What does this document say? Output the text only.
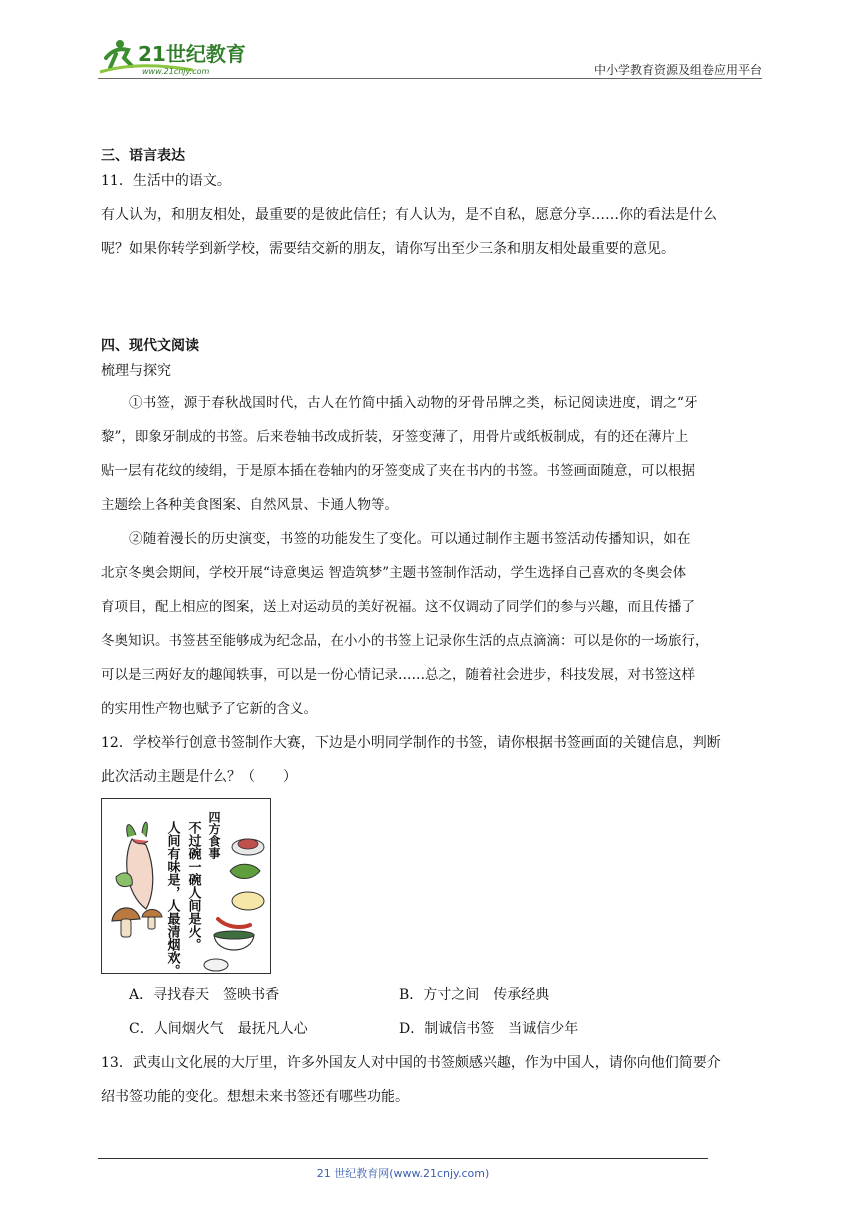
21世纪教育
www.21cnjy.com	中小学教育资源及组卷应用平台
三、语言表达

11．生活中的语文。

有人认为，和朋友相处，最重要的是彼此信任；有人认为，是不自私，愿意分享……你的看法是什么

呢？如果你转学到新学校，需要结交新的朋友，请你写出至少三条和朋友相处最重要的意见。

四、现代文阅读

梳理与探究

①书签，源于春秋战国时代，古人在竹简中插入动物的牙骨吊牌之类，标记阅读进度，谓之“牙

黎”，即象牙制成的书签。后来卷轴书改成折装，牙签变薄了，用骨片或纸板制成，有的还在薄片上

贴一层有花纹的绫绢，于是原本插在卷轴内的牙签变成了夹在书内的书签。书签画面随意，可以根据

主题绘上各种美食图案、自然风景、卡通人物等。

②随着漫长的历史演变，书签的功能发生了变化。可以通过制作主题书签活动传播知识，如在

北京冬奥会期间，学校开展“诗意奥运 智造筑梦”主题书签制作活动，学生选择自己喜欢的冬奥会体

育项目，配上相应的图案，送上对运动员的美好祝福。这不仅调动了同学们的参与兴趣，而且传播了

冬奥知识。书签甚至能够成为纪念品，在小小的书签上记录你生活的点点滴滴：可以是你的一场旅行，

可以是三两好友的趣闻轶事，可以是一份心情记录……总之，随着社会进步，科技发展，对书签这样

的实用性产物也赋予了它新的含义。

12．学校举行创意书签制作大赛，下边是小明同学制作的书签，请你根据书签画面的关键信息，判断

此次活动主题是什么？（　　）

人间有味是，人最清烟欢。 不过碗一碗人间是火。 四方食事
A．寻找春天　签映书香	B．方寸之间　传承经典
C．人间烟火气　最抚凡人心	D．制诚信书签　当诚信少年

13．武夷山文化展的大厅里，许多外国友人对中国的书签颇感兴趣，作为中国人，请你向他们简要介

绍书签功能的变化。想想未来书签还有哪些功能。

21 世纪教育网(www.21cnjy.com)
